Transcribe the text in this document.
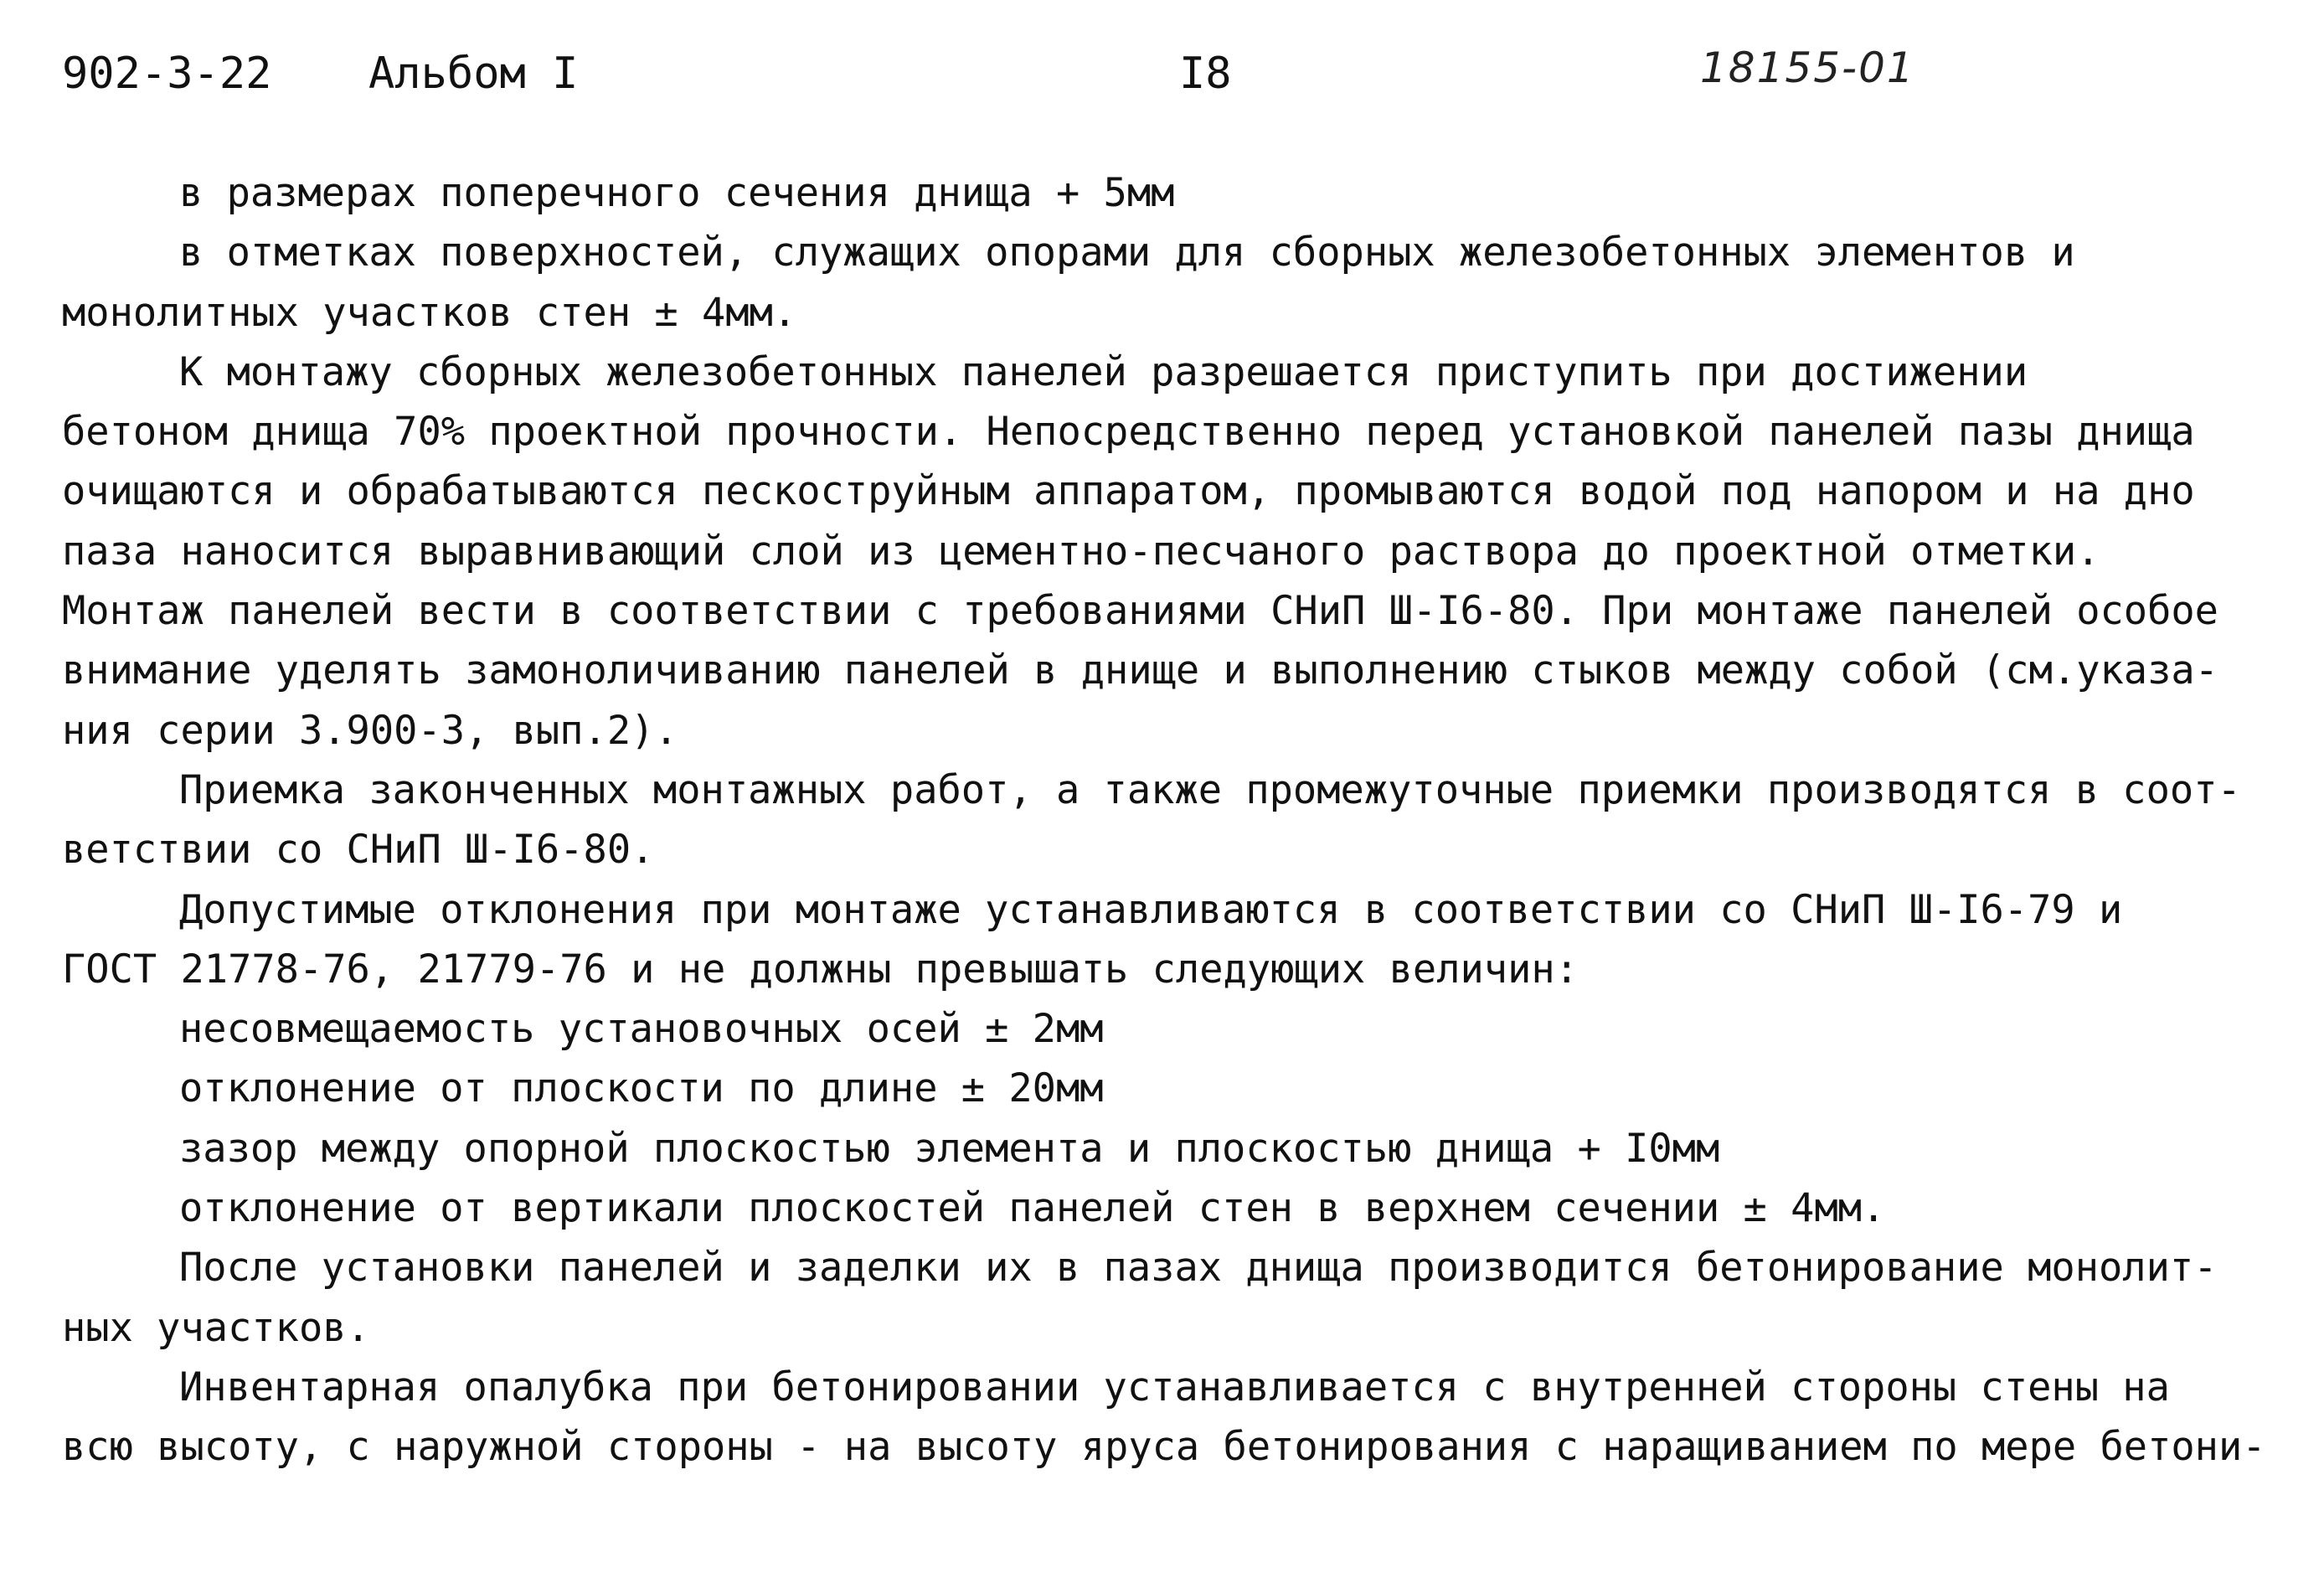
902-3-22 Альбом I	I8	18155-01
в размерах поперечного сечения днища + 5мм
в отметках поверхностей, служащих опорами для сборных железобетонных элементов и
монолитных участков стен ± 4мм.
К монтажу сборных железобетонных панелей разрешается приступить при достижении
бетоном днища 70% проектной прочности. Непосредственно перед установкой панелей пазы днища
очищаются и обрабатываются пескоструйным аппаратом, промываются водой под напором и на дно
паза наносится выравнивающий слой из цементно-песчаного раствора до проектной отметки.
Монтаж панелей вести в соответствии с требованиями СНиП Ш-I6-80. При монтаже панелей особое
внимание уделять замоноличиванию панелей в днище и выполнению стыков между собой (см.указа-
ния серии 3.900-3, вып.2).
Приемка законченных монтажных работ, а также промежуточные приемки производятся в соот-
ветствии со СНиП Ш-I6-80.
Допустимые отклонения при монтаже устанавливаются в соответствии со СНиП Ш-I6-79 и
ГОСТ 21778-76, 21779-76 и не должны превышать следующих величин:
несовмещаемость установочных осей ± 2мм
отклонение от плоскости по длине ± 20мм
зазор между опорной плоскостью элемента и плоскостью днища + I0мм
отклонение от вертикали плоскостей панелей стен в верхнем сечении ± 4мм.
После установки панелей и заделки их в пазах днища производится бетонирование монолит-
ных участков.
Инвентарная опалубка при бетонировании устанавливается с внутренней стороны стены на
всю высоту, с наружной стороны - на высоту яруса бетонирования с наращиванием по мере бетони-
